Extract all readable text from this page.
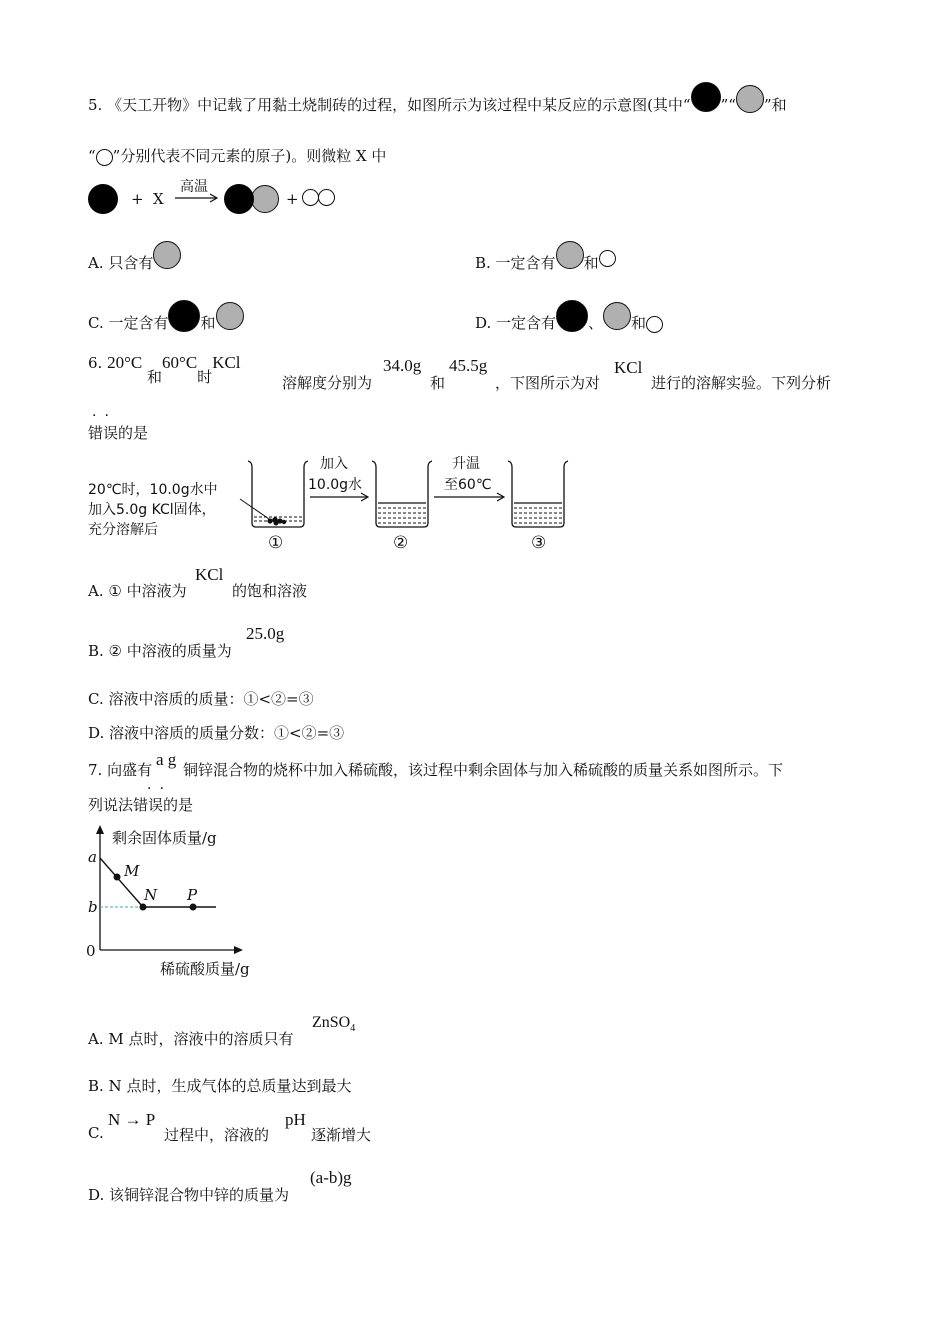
5. 《天工开物》中记载了用黏土烧制砖的过程，如图所示为该过程中某反应的示意图(其中“ ”“ ”和
“ ”分别代表不同元素的原子)。则微粒 X 中
+ X
高温
+
A. 只含有	B. 一定含有 和
C. 一定含有 和	D. 一定含有 、 和
6. 20°C 和60°C时KCl
溶解度分别为
34.0g
和
45.5g
，下图所示为对
KCl
进行的溶解实验。下列分析
..
错误的是
20℃时，10.0g水中
加入5.0g KCl固体，
充分溶解后
加入
10.0g水
升温
至60℃
①	②	③
A. ① 中溶液为
KCl
的饱和溶液
B. ② 中溶液的质量为
25.0g
C. 溶液中溶质的质量：①<②=③
D. 溶液中溶质的质量分数：①<②=③
7. 向盛有
a g
铜锌混合物的烧杯中加入稀硫酸，该过程中剩余固体与加入稀硫酸的质量关系如图所示。下
..
列说法错误的是
剩余固体质量/g
a
b
0
M
N P
稀硫酸质量/g
A. M 点时，溶液中的溶质只有
ZnSO$_4$
B. N 点时，生成气体的总质量达到最大
C.
N → P
过程中，溶液的
pH
逐渐增大
D. 该铜锌混合物中锌的质量为
(a-b)g
